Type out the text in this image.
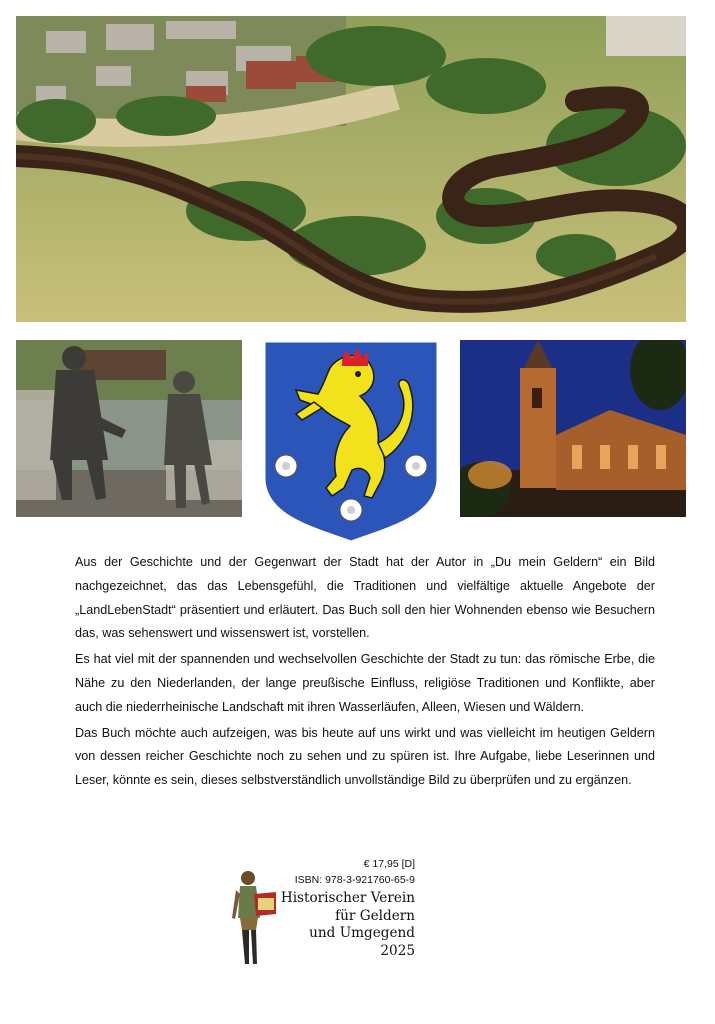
Aus der Geschichte und der Gegenwart der Stadt hat der Autor in „Du mein Geldern“ ein Bild nachgezeichnet, das das Lebensgefühl, die Traditionen und vielfältige aktuelle Angebote der „LandLebenStadt“ präsentiert und erläutert. Das Buch soll den hier Wohnenden ebenso wie Besuchern das, was sehenswert und wissenswert ist, vorstellen.

Es hat viel mit der spannenden und wechselvollen Geschichte der Stadt zu tun: das römische Erbe, die Nähe zu den Niederlanden, der lange preußische Einfluss, religiöse Traditionen und Konflikte, aber auch die niederrheinische Landschaft mit ihren Wasserläufen, Alleen, Wiesen und Wäldern.

Das Buch möchte auch aufzeigen, was bis heute auf uns wirkt und was vielleicht im heutigen Geldern von dessen reicher Geschichte noch zu sehen und zu spüren ist. Ihre Aufgabe, liebe Leserinnen und Leser, könnte es sein, dieses selbstverständlich unvollständige Bild zu überprüfen und zu ergänzen.

€ 17,95 [D]
ISBN: 978-3-921760-65-9
Historischer Verein
für Geldern
und Umgegend
2025
